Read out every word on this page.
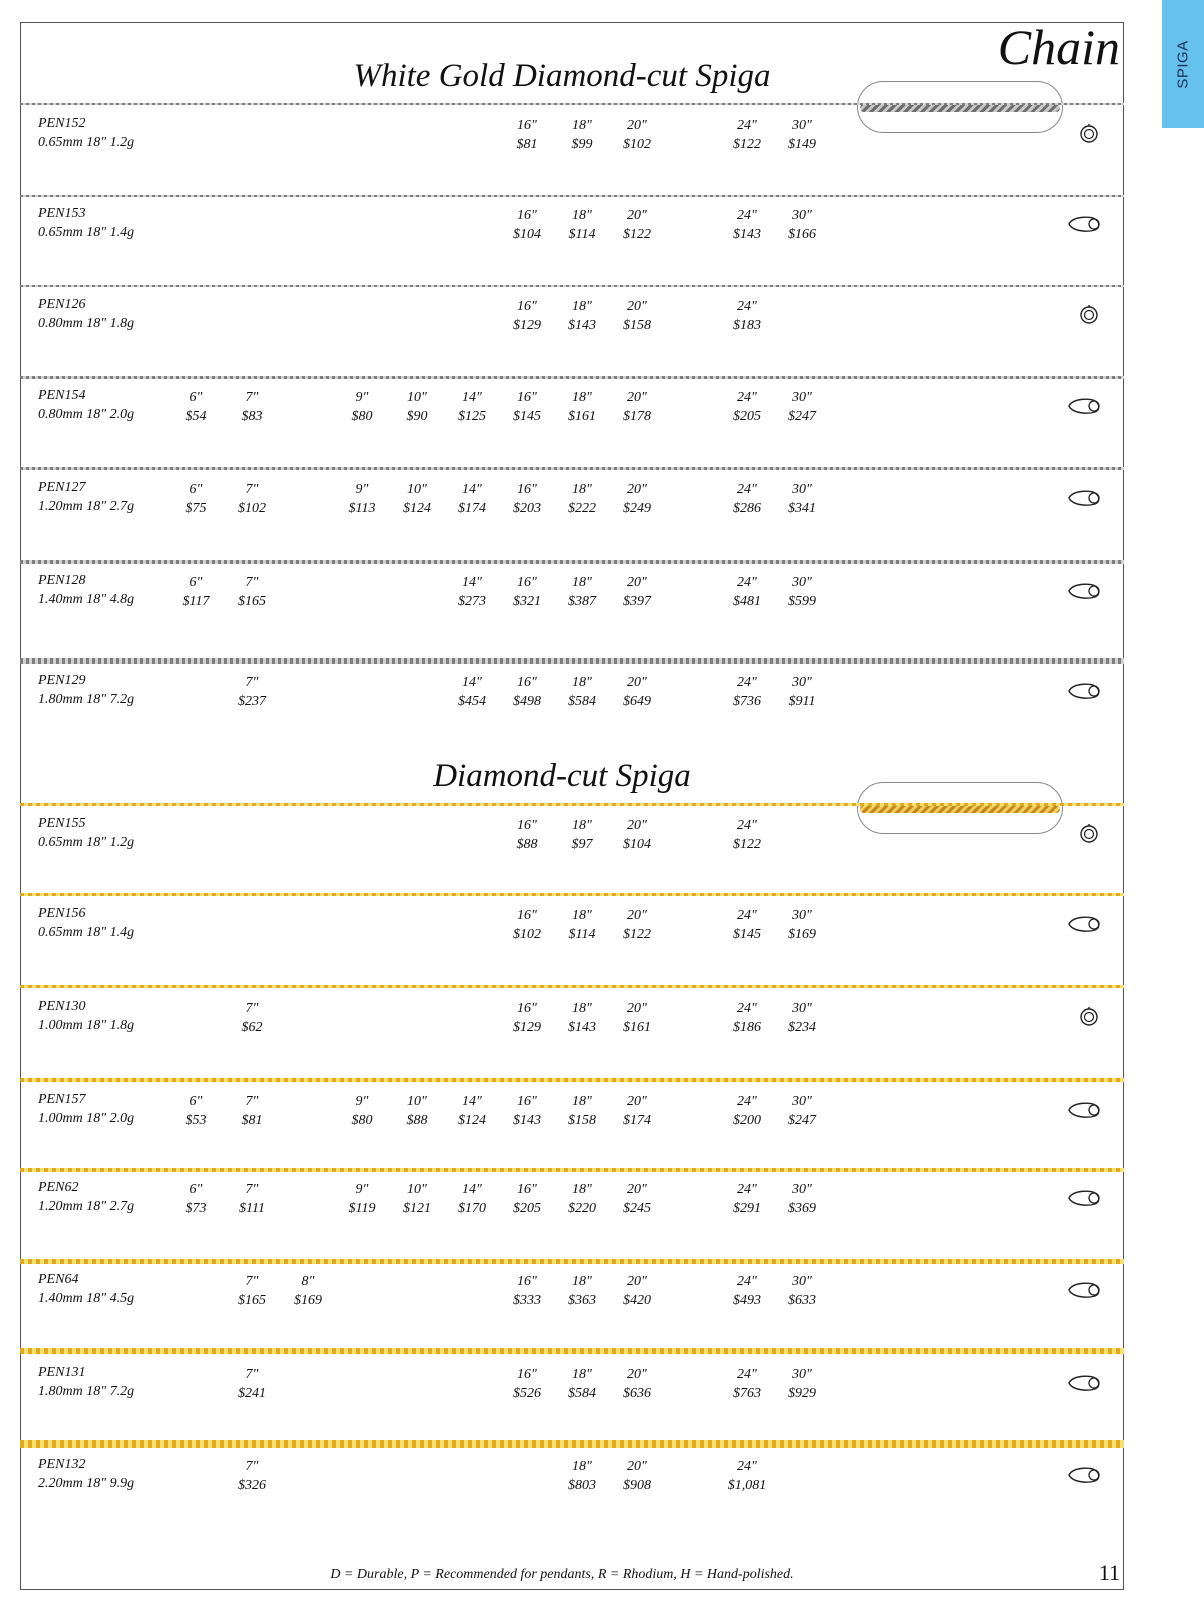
SPIGA
Chain
White Gold Diamond-cut Spiga
PEN152
0.65mm 18" 1.2g
16"
$81
18"
$99
20"
$102
24"
$122
30"
$149
PEN153
0.65mm 18" 1.4g
16"
$104
18"
$114
20"
$122
24"
$143
30"
$166
PEN126
0.80mm 18" 1.8g
16"
$129
18"
$143
20"
$158
24"
$183
PEN154
0.80mm 18" 2.0g
6"
$54
7"
$83
9"
$80
10"
$90
14"
$125
16"
$145
18"
$161
20"
$178
24"
$205
30"
$247
PEN127
1.20mm 18" 2.7g
6"
$75
7"
$102
9"
$113
10"
$124
14"
$174
16"
$203
18"
$222
20"
$249
24"
$286
30"
$341
PEN128
1.40mm 18" 4.8g
6"
$117
7"
$165
14"
$273
16"
$321
18"
$387
20"
$397
24"
$481
30"
$599
PEN129
1.80mm 18" 7.2g
7"
$237
14"
$454
16"
$498
18"
$584
20"
$649
24"
$736
30"
$911
Diamond-cut Spiga
PEN155
0.65mm 18" 1.2g
16"
$88
18"
$97
20"
$104
24"
$122
PEN156
0.65mm 18" 1.4g
16"
$102
18"
$114
20"
$122
24"
$145
30"
$169
PEN130
1.00mm 18" 1.8g
7"
$62
16"
$129
18"
$143
20"
$161
24"
$186
30"
$234
PEN157
1.00mm 18" 2.0g
6"
$53
7"
$81
9"
$80
10"
$88
14"
$124
16"
$143
18"
$158
20"
$174
24"
$200
30"
$247
PEN62
1.20mm 18" 2.7g
6"
$73
7"
$111
9"
$119
10"
$121
14"
$170
16"
$205
18"
$220
20"
$245
24"
$291
30"
$369
PEN64
1.40mm 18" 4.5g
7"
$165
8"
$169
16"
$333
18"
$363
20"
$420
24"
$493
30"
$633
PEN131
1.80mm 18" 7.2g
7"
$241
16"
$526
18"
$584
20"
$636
24"
$763
30"
$929
PEN132
2.20mm 18" 9.9g
7"
$326
18"
$803
20"
$908
24"
$1,081
D = Durable, P = Recommended for pendants, R = Rhodium, H = Hand-polished.	11
